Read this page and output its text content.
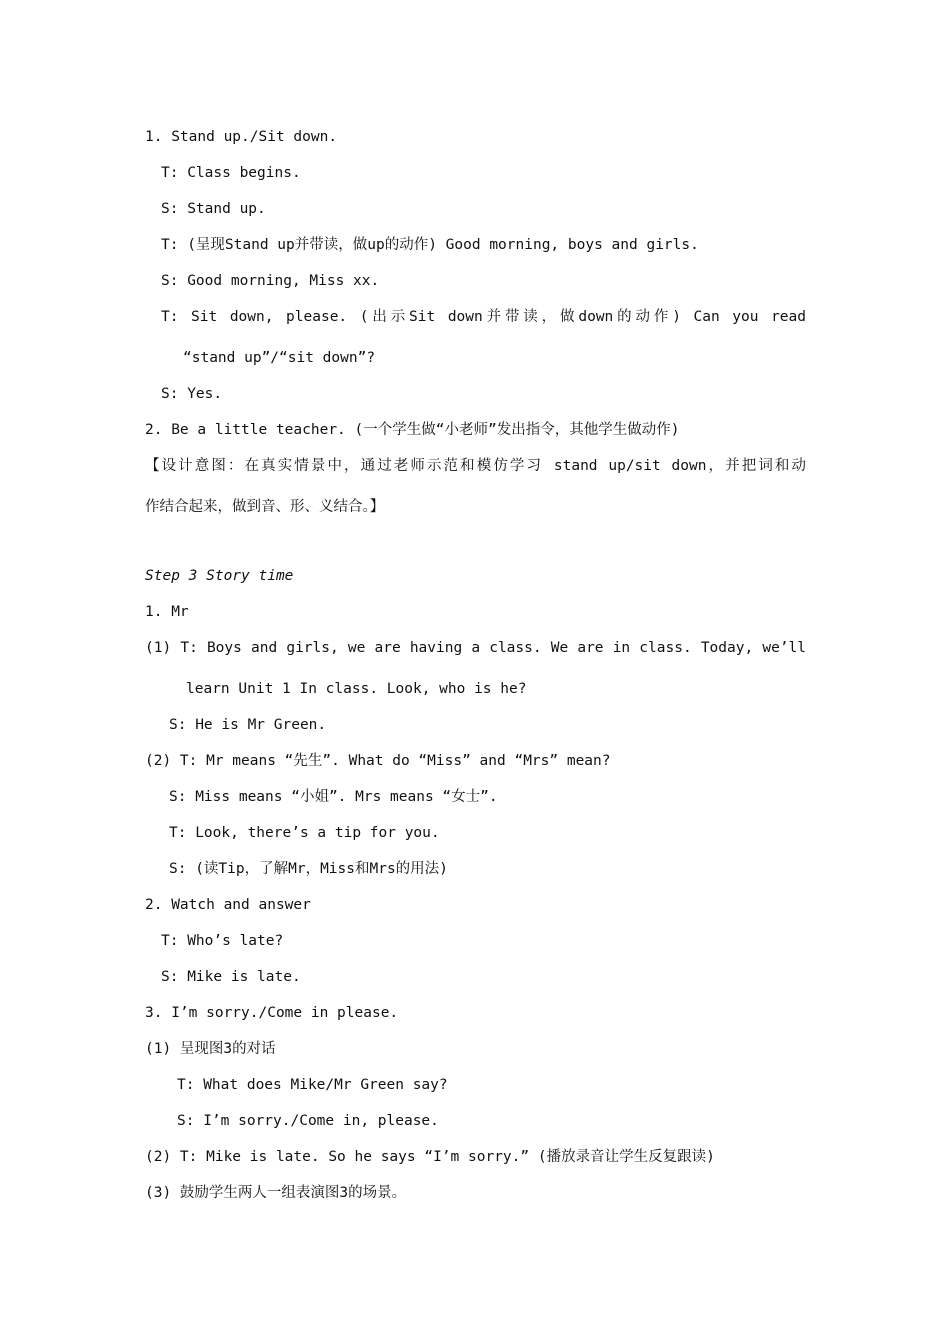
1. Stand up./Sit down.
T: Class begins.
S: Stand up.
T: (呈现Stand up并带读，做up的动作) Good morning, boys and girls.
S: Good morning, Miss xx.
T: Sit down, please. (出示Sit down并带读，做down的动作) Can you read
“stand up”/“sit down”?
S: Yes.
2. Be a little teacher. (一个学生做“小老师”发出指令，其他学生做动作)
【设计意图：在真实情景中，通过老师示范和模仿学习 stand up/sit down，并把词和动
作结合起来，做到音、形、义结合。】
Step 3 Story time
1. Mr
(1) T: Boys and girls, we are having a class. We are in class. Today, we’ll
learn Unit 1 In class. Look, who is he?
S: He is Mr Green.
(2) T: Mr means “先生”. What do “Miss” and “Mrs” mean?
S: Miss means “小姐”. Mrs means “女士”.
T: Look, there’s a tip for you.
S: (读Tip，了解Mr，Miss和Mrs的用法)
2. Watch and answer
T: Who’s late?
S: Mike is late.
3. I’m sorry./Come in please.
(1) 呈现图3的对话
T: What does Mike/Mr Green say?
S: I’m sorry./Come in, please.
(2) T: Mike is late. So he says “I’m sorry.” (播放录音让学生反复跟读)
(3) 鼓励学生两人一组表演图3的场景。
